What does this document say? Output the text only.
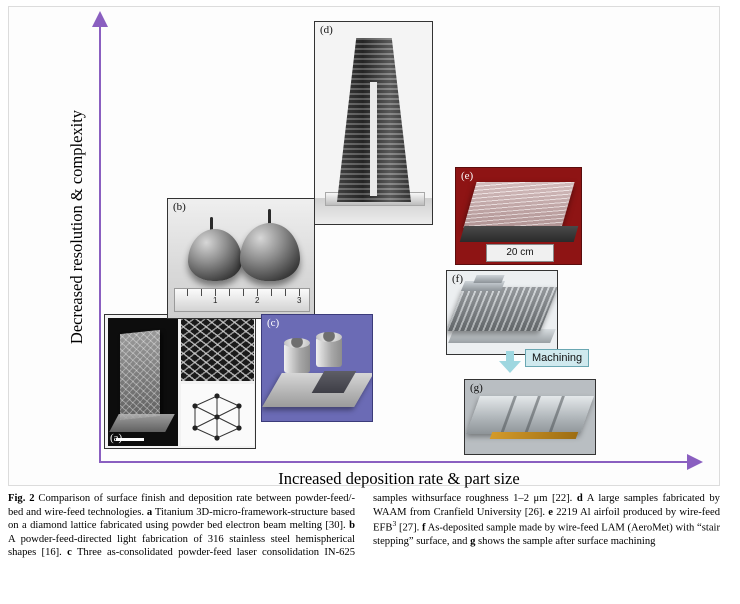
Decreased resolution & complexity
Increased deposition rate & part size
(a)
1	2	3
(b)
(c)
(d)
20 cm
(e)
(f)
Machining
(g)
Fig. 2 Comparison of surface finish and deposition rate between powder-feed/-bed and wire-feed technologies. a Titanium 3D-micro-framework-structure based on a diamond lattice fabricated using powder bed electron beam melting [30]. b A powder-feed-directed light fabrication of 316 stainless steel hemispherical shapes [16]. c Three as-consolidated powder-feed laser consolidation IN-625 samples withsurface roughness 1–2 μm [22]. d A large samples fabricated by WAAM from Cranfield University [26]. e 2219 Al airfoil produced by wire-feed EFB$^3$ [27]. f As-deposited sample made by wire-feed LAM (AeroMet) with “stair stepping” surface, and g shows the sample after surface machining
